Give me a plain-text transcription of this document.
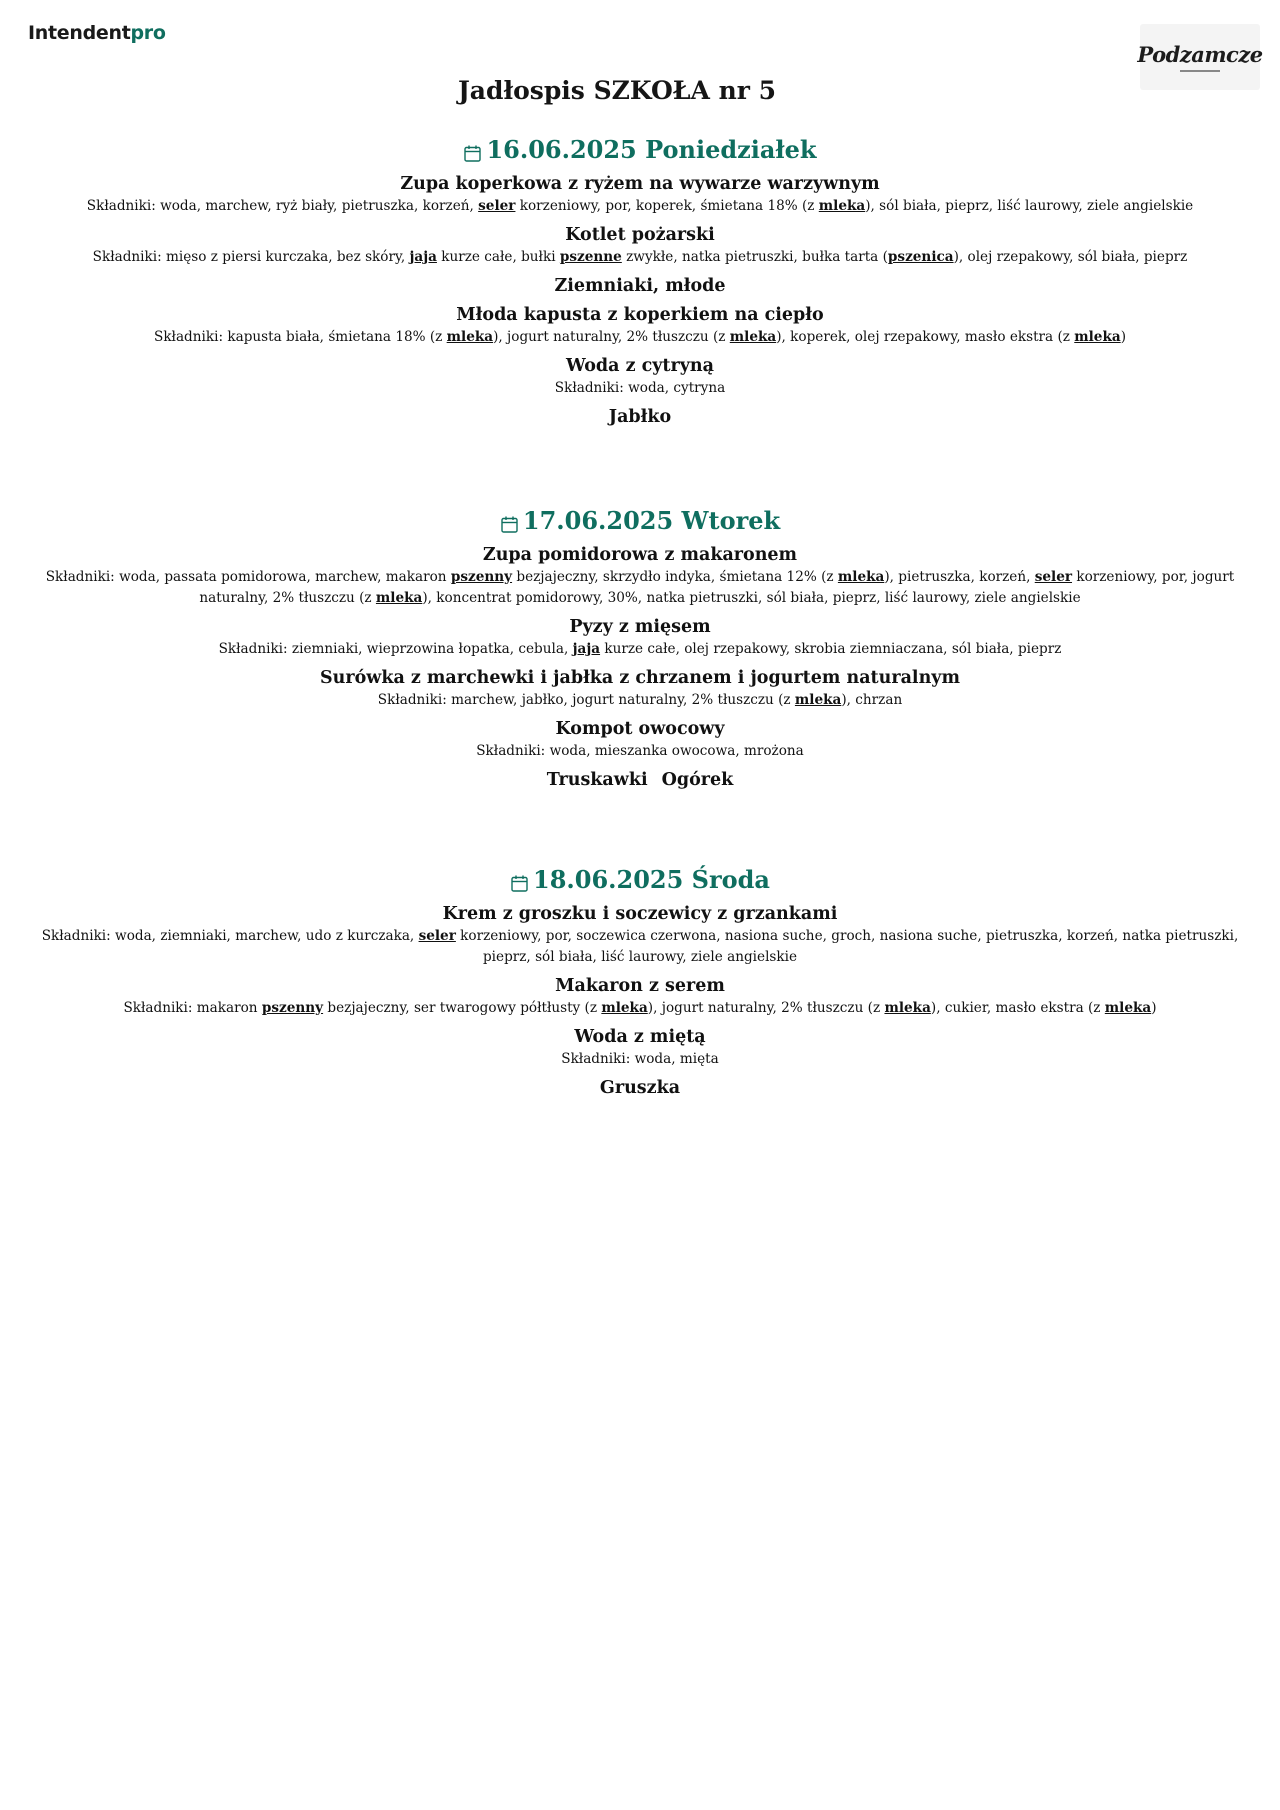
Intendentpro
Podzamcze
Jadłospis SZKOŁA nr 5
16.06.2025 Poniedziałek
Zupa koperkowa z ryżem na wywarze warzywnym
Składniki: woda, marchew, ryż biały, pietruszka, korzeń, seler korzeniowy, por, koperek, śmietana 18% (z mleka), sól biała, pieprz, liść laurowy, ziele angielskie
Kotlet pożarski
Składniki: mięso z piersi kurczaka, bez skóry, jaja kurze całe, bułki pszenne zwykłe, natka pietruszki, bułka tarta (pszenica), olej rzepakowy, sól biała, pieprz
Ziemniaki, młode
Młoda kapusta z koperkiem na ciepło
Składniki: kapusta biała, śmietana 18% (z mleka), jogurt naturalny, 2% tłuszczu (z mleka), koperek, olej rzepakowy, masło ekstra (z mleka)
Woda z cytryną
Składniki: woda, cytryna
Jabłko
17.06.2025 Wtorek
Zupa pomidorowa z makaronem
Składniki: woda, passata pomidorowa, marchew, makaron pszenny bezjajeczny, skrzydło indyka, śmietana 12% (z mleka), pietruszka, korzeń, seler korzeniowy, por, jogurt naturalny, 2% tłuszczu (z mleka), koncentrat pomidorowy, 30%, natka pietruszki, sól biała, pieprz, liść laurowy, ziele angielskie
Pyzy z mięsem
Składniki: ziemniaki, wieprzowina łopatka, cebula, jaja kurze całe, olej rzepakowy, skrobia ziemniaczana, sól biała, pieprz
Surówka z marchewki i jabłka z chrzanem i jogurtem naturalnym
Składniki: marchew, jabłko, jogurt naturalny, 2% tłuszczu (z mleka), chrzan
Kompot owocowy
Składniki: woda, mieszanka owocowa, mrożona
Truskawki Ogórek
18.06.2025 Środa
Krem z groszku i soczewicy z grzankami
Składniki: woda, ziemniaki, marchew, udo z kurczaka, seler korzeniowy, por, soczewica czerwona, nasiona suche, groch, nasiona suche, pietruszka, korzeń, natka pietruszki, pieprz, sól biała, liść laurowy, ziele angielskie
Makaron z serem
Składniki: makaron pszenny bezjajeczny, ser twarogowy półtłusty (z mleka), jogurt naturalny, 2% tłuszczu (z mleka), cukier, masło ekstra (z mleka)
Woda z miętą
Składniki: woda, mięta
Gruszka
